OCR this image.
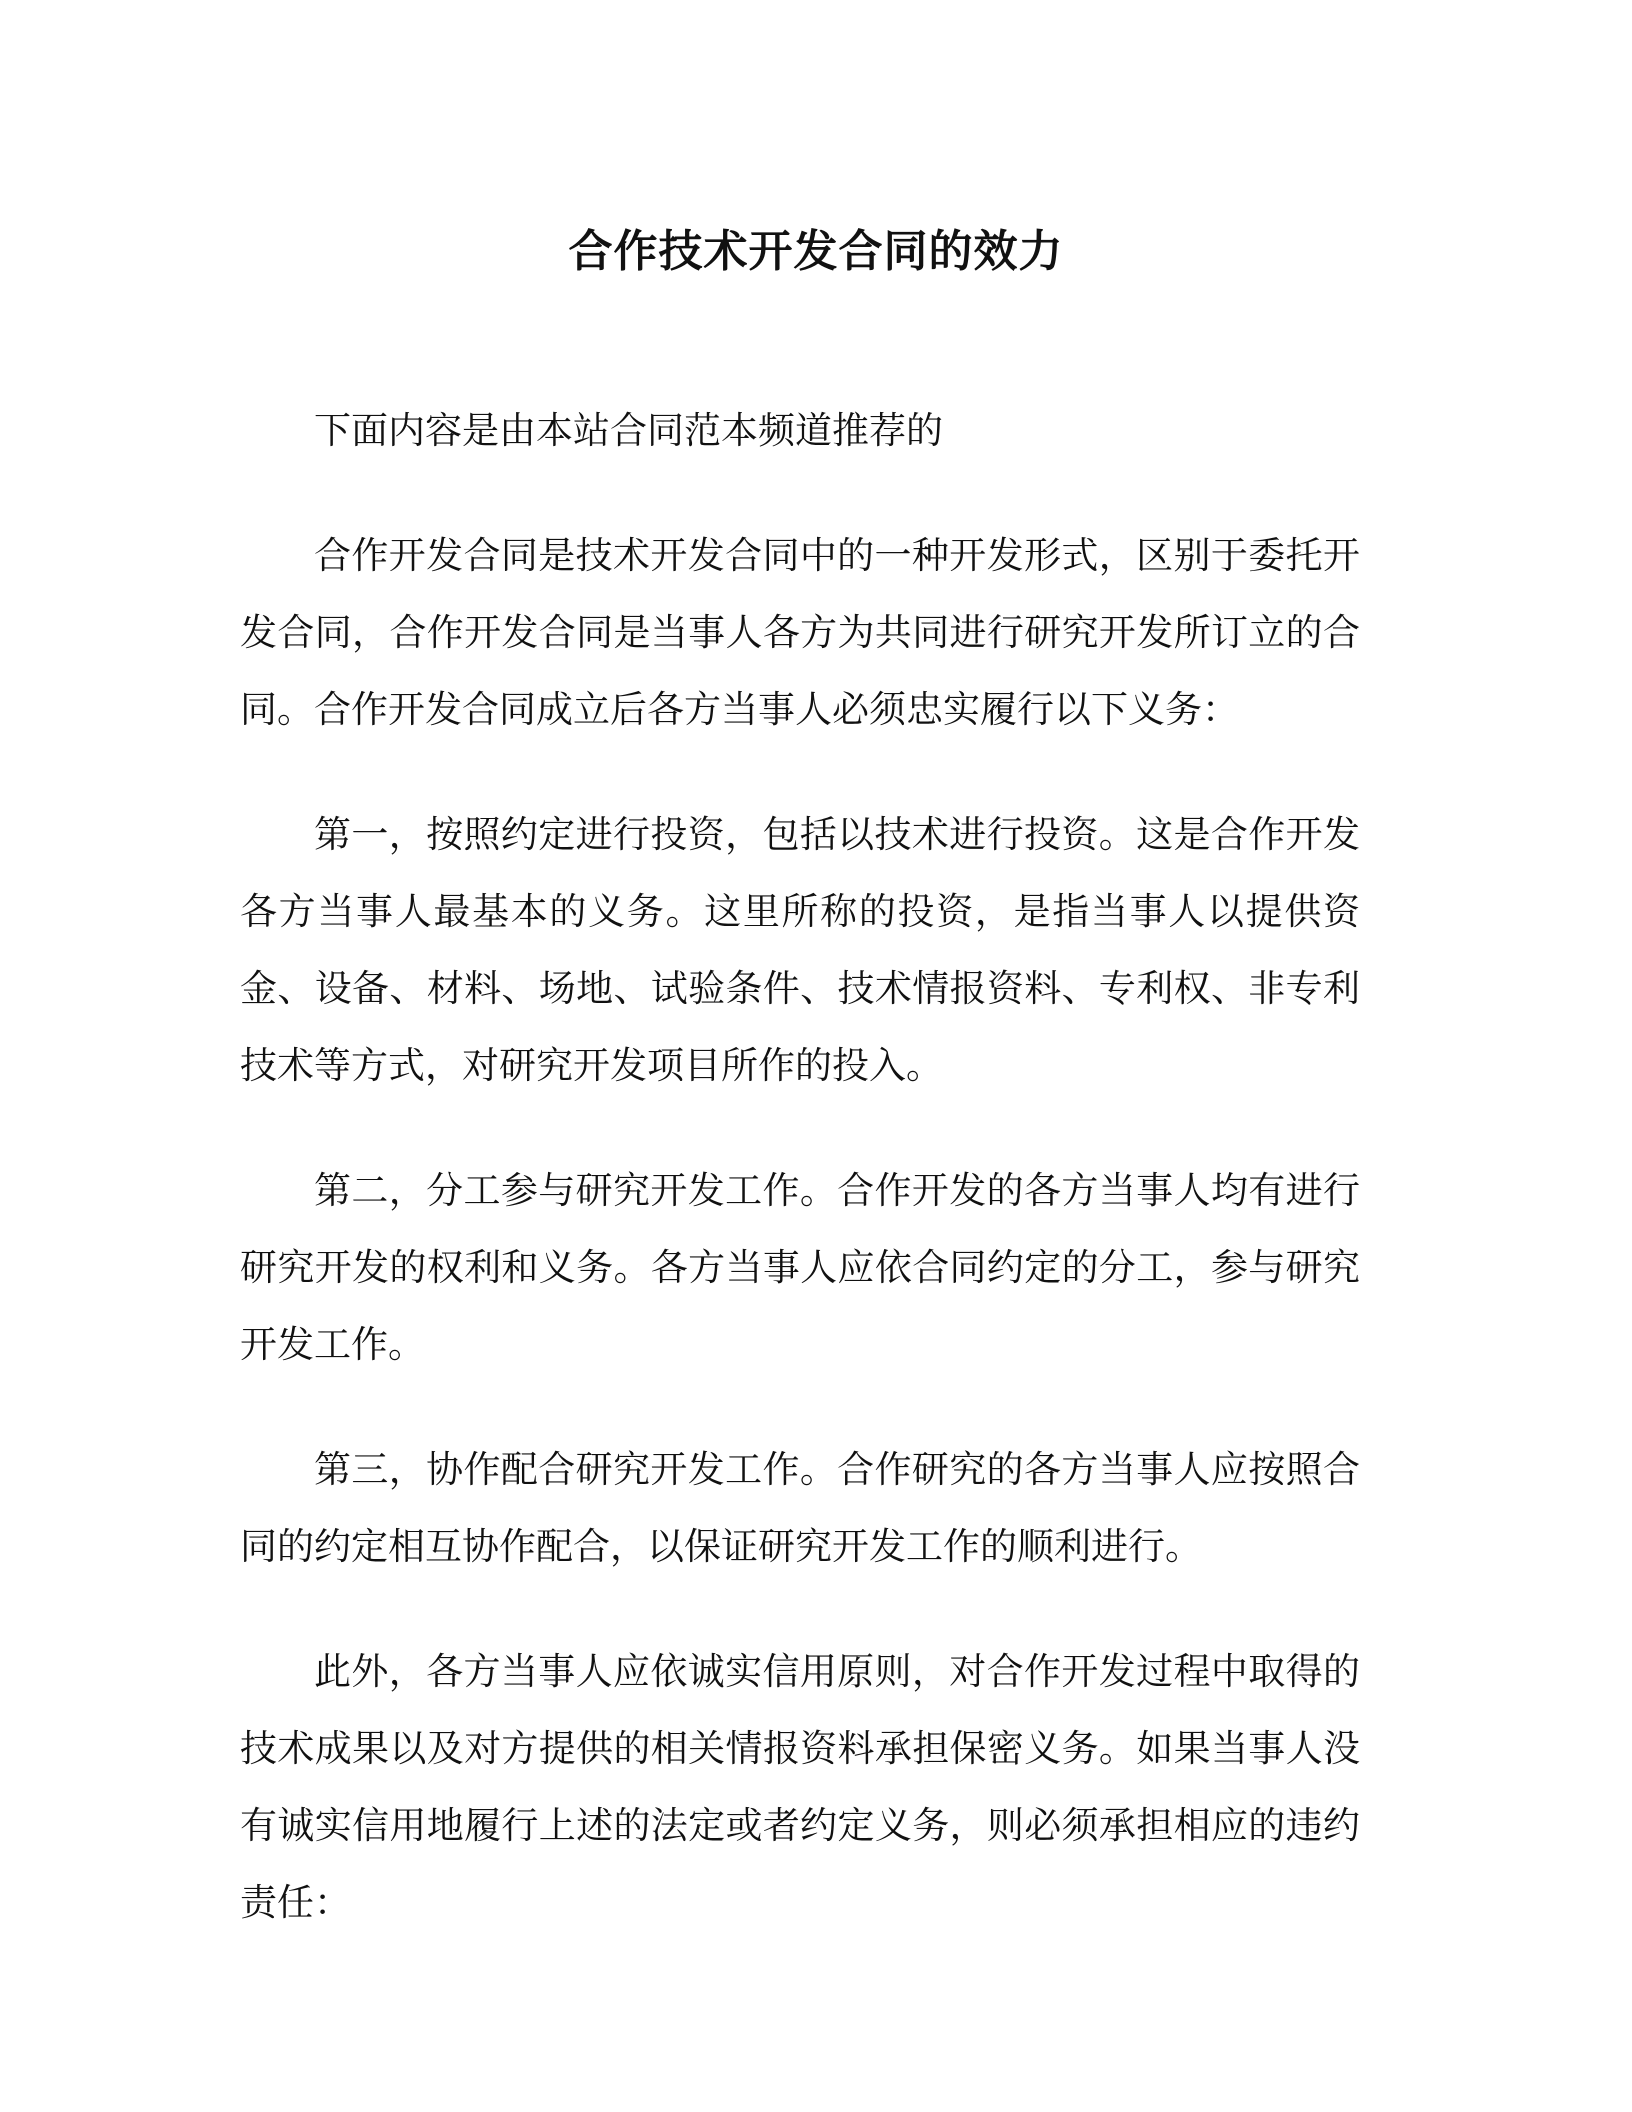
合作技术开发合同的效力

下面内容是由本站合同范本频道推荐的

合作开发合同是技术开发合同中的一种开发形式，区别于委托开发合同，合作开发合同是当事人各方为共同进行研究开发所订立的合同。合作开发合同成立后各方当事人必须忠实履行以下义务：

第一，按照约定进行投资，包括以技术进行投资。这是合作开发各方当事人最基本的义务。这里所称的投资，是指当事人以提供资金、设备、材料、场地、试验条件、技术情报资料、专利权、非专利技术等方式，对研究开发项目所作的投入。

第二，分工参与研究开发工作。合作开发的各方当事人均有进行研究开发的权利和义务。各方当事人应依合同约定的分工，参与研究开发工作。

第三，协作配合研究开发工作。合作研究的各方当事人应按照合同的约定相互协作配合，以保证研究开发工作的顺利进行。

此外，各方当事人应依诚实信用原则，对合作开发过程中取得的技术成果以及对方提供的相关情报资料承担保密义务。如果当事人没有诚实信用地履行上述的法定或者约定义务，则必须承担相应的违约责任：
